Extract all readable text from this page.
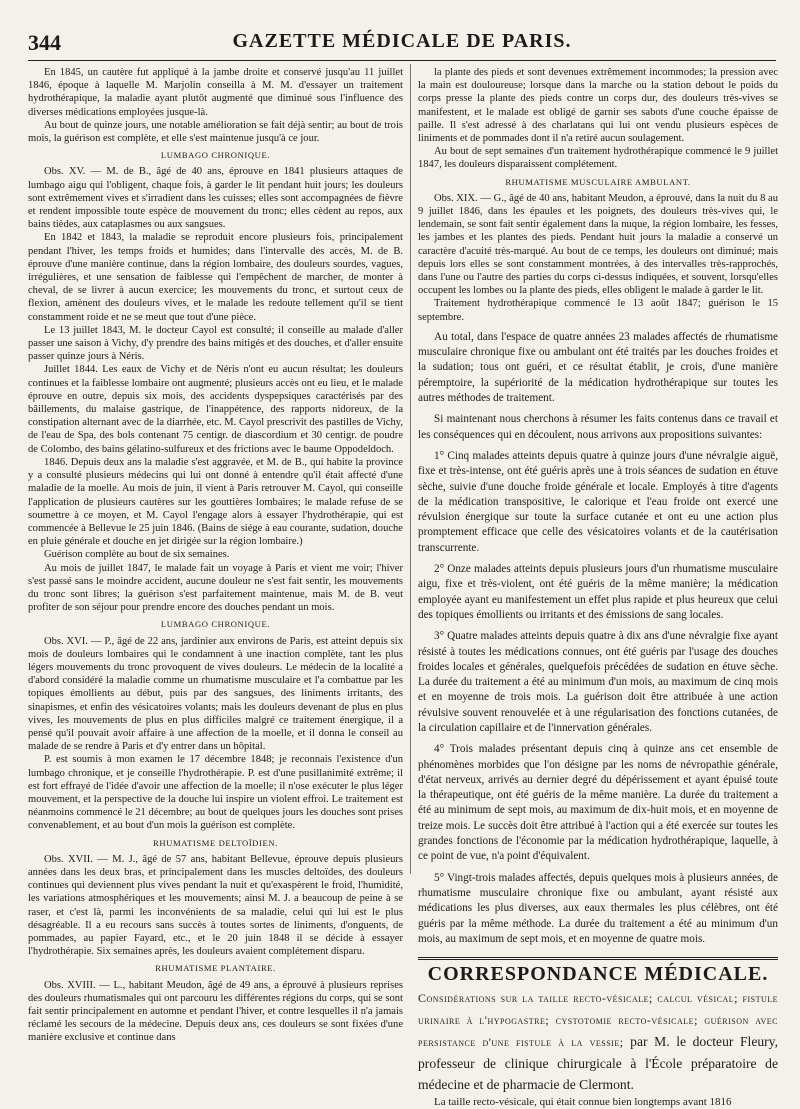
GAZETTE MÉDICALE DE PARIS.
344

En 1845, un cautère fut appliqué à la jambe droite et conservé jusqu'au 11 juillet 1846, époque à laquelle M. Marjolin conseilla à M. M. d'essayer un traitement hydrothérapique, la maladie ayant plutôt augmenté que diminué sous l'influence des diverses médications employées jusque-là.

Au bout de quinze jours, une notable amélioration se fait déjà sentir; au bout de trois mois, la guérison est complète, et elle s'est maintenue jusqu'à ce jour.

LUMBAGO CHRONIQUE.

Obs. XV. — M. de B., âgé de 40 ans, éprouve en 1841 plusieurs attaques de lumbago aigu qui l'obligent, chaque fois, à garder le lit pendant huit jours; les douleurs sont extrêmement vives et s'irradient dans les cuisses; elles sont accompagnées de fièvre et rendent impossible toute espèce de mouvement du tronc; elles cèdent au repos, aux bains tièdes, aux cataplasmes ou aux sangsues.

En 1842 et 1843, la maladie se reproduit encore plusieurs fois, principalement pendant l'hiver, les temps froids et humides; dans l'intervalle des accès, M. de B. éprouve d'une manière continue, dans la région lombaire, des douleurs sourdes, vagues, irrégulières, et une sensation de faiblesse qui l'empêchent de marcher, de monter à cheval, de se livrer à aucun exercice; les mouvements du tronc, et surtout ceux de flexion, amènent des douleurs vives, et le malade les redoute tellement qu'il se tient constamment roide et ne se meut que tout d'une pièce.

Le 13 juillet 1843, M. le docteur Cayol est consulté; il conseille au malade d'aller passer une saison à Vichy, d'y prendre des bains mitigés et des douches, et d'aller ensuite passer quinze jours à Néris.

Juillet 1844. Les eaux de Vichy et de Néris n'ont eu aucun résultat; les douleurs continues et la faiblesse lombaire ont augmenté; plusieurs accès ont eu lieu, et le malade éprouve en outre, depuis six mois, des accidents dyspepsiques caractérisés par des bâillements, du malaise gastrique, de l'inappétence, des rapports nidoreux, de la constipation alternant avec de la diarrhée, etc. M. Cayol prescrivit des pastilles de Vichy, de l'eau de Spa, des bols contenant 75 centigr. de diascordium et 30 centigr. de poudre de Colombo, des bains gélatino-sulfureux et des frictions avec le baume Oppodeldoch.

1846. Depuis deux ans la maladie s'est aggravée, et M. de B., qui habite la province y a consulté plusieurs médecins qui lui ont donné à entendre qu'il était affecté d'une maladie de la moelle. Au mois de juin, il vient à Paris retrouver M. Cayol, qui conseille l'application de plusieurs cautères sur les gouttières lombaires; le malade refuse de se soumettre à ce moyen, et M. Cayol l'engage alors à essayer l'hydrothérapie, qui est commencée à Bellevue le 25 juin 1846. (Bains de siége à eau courante, sudation, douche en pluie générale et douche en jet dirigée sur la région lombaire.)

Guérison complète au bout de six semaines.

Au mois de juillet 1847, le malade fait un voyage à Paris et vient me voir; l'hiver s'est passé sans le moindre accident, aucune douleur ne s'est fait sentir, les mouvements du tronc sont libres; la guérison s'est parfaitement maintenue, mais M. de B. veut profiter de son séjour pour prendre encore des douches pendant un mois.

LUMBAGO CHRONIQUE.

Obs. XVI. — P., âgé de 22 ans, jardinier aux environs de Paris, est atteint depuis six mois de douleurs lombaires qui le condamnent à une inaction complète, tant les plus légers mouvements du tronc provoquent de vives douleurs. Le médecin de la localité a d'abord considéré la maladie comme un rhumatisme musculaire et l'a combattue par les topiques émollients au début, puis par des sangsues, des liniments irritants, des sinapismes, et enfin des vésicatoires volants; mais les douleurs devenant de plus en plus vives, les mouvements de plus en plus difficiles malgré ce traitement énergique, il a pensé qu'il pouvait avoir affaire à une affection de la moelle, et il donna le conseil au malade de se rendre à Paris et d'y entrer dans un hôpital.

P. est soumis à mon examen le 17 décembre 1848; je reconnais l'existence d'un lumbago chronique, et je conseille l'hydrothérapie. P. est d'une pusillanimité extrême; il est fort effrayé de l'idée d'avoir une affection de la moelle; il n'ose exécuter le plus léger mouvement, et la perspective de la douche lui inspire un violent effroi. Le traitement est néanmoins commencé le 21 décembre; au bout de quelques jours les douches sont prises convenablement, et au bout d'un mois la guérison est complète.

RHUMATISME DELTOÏDIEN.

Obs. XVII. — M. J., âgé de 57 ans, habitant Bellevue, éprouve depuis plusieurs années dans les deux bras, et principalement dans les muscles deltoïdes, des douleurs continues qui deviennent plus vives pendant la nuit et qu'exaspèrent le froid, l'humidité, les variations atmosphériques et les mouvements; ainsi M. J. a beaucoup de peine à se raser, et c'est là, parmi les inconvénients de sa maladie, celui qui lui est le plus désagréable. Il a eu recours sans succès à toutes sortes de liniments, d'onguents, de pommades, au papier Fayard, etc., et le 20 juin 1848 il se décide à essayer l'hydrothérapie. Six semaines après, les douleurs avaient complétement disparu.

RHUMATISME PLANTAIRE.

Obs. XVIII. — L., habitant Meudon, âgé de 49 ans, a éprouvé à plusieurs reprises des douleurs rhumatismales qui ont parcouru les différentes régions du corps, qui se sont fait sentir principalement en automne et pendant l'hiver, et contre lesquelles il n'a jamais réclamé les secours de la médecine. Depuis deux ans, ces douleurs se sont fixées d'une manière exclusive et continue dans

la plante des pieds et sont devenues extrêmement incommodes; la pression avec la main est douloureuse; lorsque dans la marche ou la station debout le poids du corps presse la plante des pieds contre un corps dur, des douleurs très-vives se manifestent, et le malade est obligé de garnir ses sabots d'une couche épaisse de paille. Il s'est adressé à des charlatans qui lui ont vendu plusieurs espèces de liniments et de pommades dont il n'a retiré aucun soulagement.

Au bout de sept semaines d'un traitement hydrothérapique commencé le 9 juillet 1847, les douleurs disparaissent complétement.

RHUMATISME MUSCULAIRE AMBULANT.

Obs. XIX. — G., âgé de 40 ans, habitant Meudon, a éprouvé, dans la nuit du 8 au 9 juillet 1846, dans les épaules et les poignets, des douleurs très-vives qui, le lendemain, se sont fait sentir également dans la nuque, la région lombaire, les fesses, les jambes et les plantes des pieds. Pendant huit jours la maladie a conservé un caractère d'acuité très-marqué. Au bout de ce temps, les douleurs ont diminué; mais depuis lors elles se sont constamment montrées, à des intervalles très-rapprochés, dans l'une ou l'autre des parties du corps ci-dessus indiquées, et souvent, lorsqu'elles occupent les lombes ou la plante des pieds, elles obligent le malade à garder le lit.

Traitement hydrothérapique commencé le 13 août 1847; guérison le 15 septembre.

Au total, dans l'espace de quatre années 23 malades affectés de rhumatisme musculaire chronique fixe ou ambulant ont été traités par les douches froides et la sudation; tous ont guéri, et ce résultat établit, je crois, d'une manière péremptoire, la supériorité de la médication hydrothérapique sur toutes les autres méthodes de traitement.

Si maintenant nous cherchons à résumer les faits contenus dans ce travail et les conséquences qui en découlent, nous arrivons aux propositions suivantes:

1° Cinq malades atteints depuis quatre à quinze jours d'une névralgie aiguë, fixe et très-intense, ont été guéris après une à trois séances de sudation en étuve sèche, suivie d'une douche froide générale et locale. Employés à titre d'agents de la médication transpositive, le calorique et l'eau froide ont exercé une révulsion énergique sur toute la surface cutanée et ont eu une action plus promptement efficace que celle des vésicatoires volants et de la cautérisation transcurrente.

2° Onze malades atteints depuis plusieurs jours d'un rhumatisme musculaire aigu, fixe et très-violent, ont été guéris de la même manière; la médication employée ayant eu manifestement un effet plus rapide et plus heureux que celui des topiques émollients ou irritants et des émissions de sang locales.

3° Quatre malades atteints depuis quatre à dix ans d'une névralgie fixe ayant résisté à toutes les médications connues, ont été guéris par l'usage des douches froides locales et générales, quelquefois précédées de sudation en étuve sèche. La durée du traitement a été au minimum d'un mois, au maximum de cinq mois et en moyenne de trois mois. La guérison doit être attribuée à une action révulsive souvent renouvelée et à une régularisation des fonctions cutanées, de la circulation capillaire et de l'innervation générales.

4° Trois malades présentant depuis cinq à quinze ans cet ensemble de phénomènes morbides que l'on désigne par les noms de névropathie générale, d'état nerveux, arrivés au dernier degré du dépérissement et ayant épuisé toute la thérapeutique, ont été guéris de la même manière. La durée du traitement a été au minimum de sept mois, au maximum de dix-huit mois, et en moyenne de treize mois. Le succès doit être attribué à l'action qui a été exercée sur toutes les grandes fonctions de l'économie par la médication hydrothérapique, laquelle, à ce point de vue, n'a point d'équivalent.

5° Vingt-trois malades affectés, depuis quelques mois à plusieurs années, de rhumatisme musculaire chronique fixe ou ambulant, ayant résisté aux médications les plus diverses, aux eaux thermales les plus célèbres, ont été guéris par la même méthode. La durée du traitement a été au minimum d'un mois, au maximum de sept mois, et en moyenne de quatre mois.

CORRESPONDANCE MÉDICALE.
Considérations sur la taille recto-vésicale; calcul vésical; fistule urinaire à l'hypogastre; cystotomie recto-vésicale; guérison avec persistance d'une fistule à la vessie; par M. le docteur Fleury, professeur de clinique chirurgicale à l'École préparatoire de médecine et de pharmacie de Clermont.

La taille recto-vésicale, qui était connue bien longtemps avant 1816
